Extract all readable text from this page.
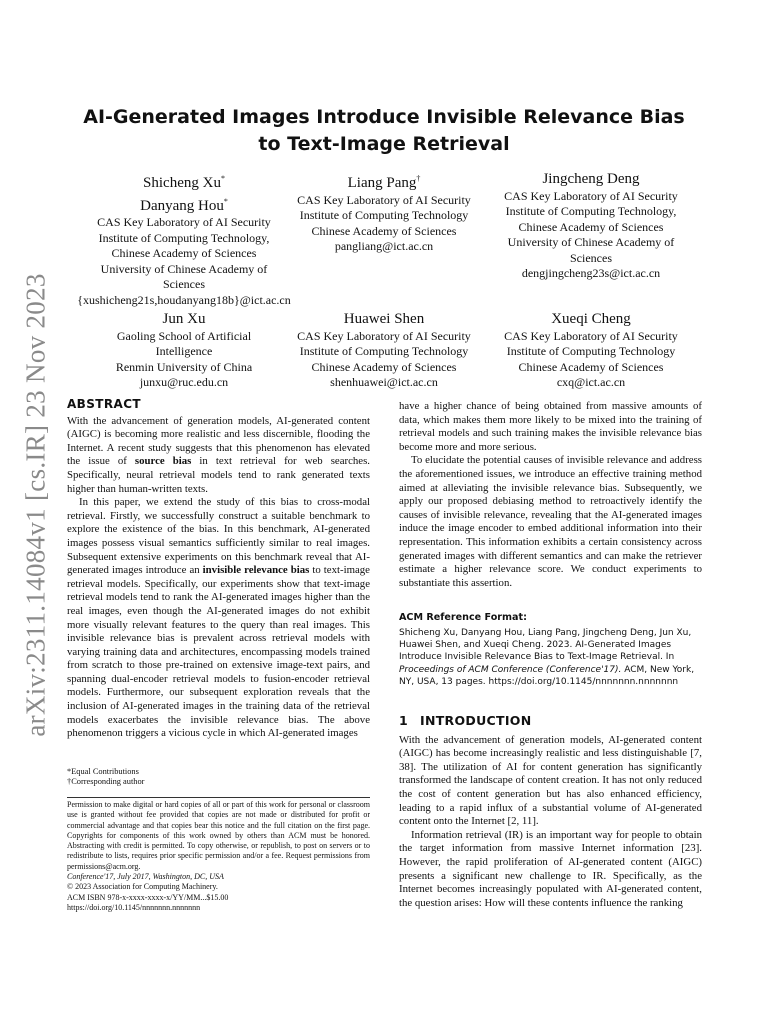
arXiv:2311.14084v1 [cs.IR] 23 Nov 2023
AI-Generated Images Introduce Invisible Relevance Bias to Text-Image Retrieval
Shicheng Xu*
Danyang Hou*
CAS Key Laboratory of AI Security
Institute of Computing Technology,
Chinese Academy of Sciences
University of Chinese Academy of
Sciences
{xushicheng21s,houdanyang18b}@ict.ac.cn
Liang Pang†
CAS Key Laboratory of AI Security
Institute of Computing Technology
Chinese Academy of Sciences
pangliang@ict.ac.cn
Jingcheng Deng
CAS Key Laboratory of AI Security
Institute of Computing Technology,
Chinese Academy of Sciences
University of Chinese Academy of
Sciences
dengjingcheng23s@ict.ac.cn
Jun Xu
Gaoling School of Artificial
Intelligence
Renmin University of China
junxu@ruc.edu.cn
Huawei Shen
CAS Key Laboratory of AI Security
Institute of Computing Technology
Chinese Academy of Sciences
shenhuawei@ict.ac.cn
Xueqi Cheng
CAS Key Laboratory of AI Security
Institute of Computing Technology
Chinese Academy of Sciences
cxq@ict.ac.cn
ABSTRACT

With the advancement of generation models, AI-generated content (AIGC) is becoming more realistic and less discernible, flooding the Internet. A recent study suggests that this phenomenon has elevated the issue of source bias in text retrieval for web searches. Specifically, neural retrieval models tend to rank generated texts higher than human-written texts.

In this paper, we extend the study of this bias to cross-modal retrieval. Firstly, we successfully construct a suitable benchmark to explore the existence of the bias. In this benchmark, AI-generated images possess visual semantics sufficiently similar to real images. Subsequent extensive experiments on this benchmark reveal that AI-generated images introduce an invisible relevance bias to text-image retrieval models. Specifically, our experiments show that text-image retrieval models tend to rank the AI-generated images higher than the real images, even though the AI-generated images do not exhibit more visually relevant features to the query than real images. This invisible relevance bias is prevalent across retrieval models with varying training data and architectures, encompassing models trained from scratch to those pre-trained on extensive image-text pairs, and spanning dual-encoder retrieval models to fusion-encoder retrieval models. Furthermore, our subsequent exploration reveals that the inclusion of AI-generated images in the training data of the retrieval models exacerbates the invisible relevance bias. The above phenomenon triggers a vicious cycle in which AI-generated images

*Equal Contributions
†Corresponding author
Permission to make digital or hard copies of all or part of this work for personal or classroom use is granted without fee provided that copies are not made or distributed for profit or commercial advantage and that copies bear this notice and the full citation on the first page. Copyrights for components of this work owned by others than ACM must be honored. Abstracting with credit is permitted. To copy otherwise, or republish, to post on servers or to redistribute to lists, requires prior specific permission and/or a fee. Request permissions from permissions@acm.org.
Conference'17, July 2017, Washington, DC, USA
© 2023 Association for Computing Machinery.
ACM ISBN 978-x-xxxx-xxxx-x/YY/MM...$15.00
https://doi.org/10.1145/nnnnnnn.nnnnnnn

have a higher chance of being obtained from massive amounts of data, which makes them more likely to be mixed into the training of retrieval models and such training makes the invisible relevance bias become more and more serious.

To elucidate the potential causes of invisible relevance and address the aforementioned issues, we introduce an effective training method aimed at alleviating the invisible relevance bias. Subsequently, we apply our proposed debiasing method to retroactively identify the causes of invisible relevance, revealing that the AI-generated images induce the image encoder to embed additional information into their representation. This information exhibits a certain consistency across generated images with different semantics and can make the retriever estimate a higher relevance score. We conduct experiments to substantiate this assertion.

ACM Reference Format:
Shicheng Xu, Danyang Hou, Liang Pang, Jingcheng Deng, Jun Xu, Huawei Shen, and Xueqi Cheng. 2023. AI-Generated Images Introduce Invisible Relevance Bias to Text-Image Retrieval. In Proceedings of ACM Conference (Conference'17). ACM, New York, NY, USA, 13 pages. https://doi.org/10.1145/nnnnnnn.nnnnnnn
1 INTRODUCTION

With the advancement of generation models, AI-generated content (AIGC) has become increasingly realistic and less distinguishable [7, 38]. The utilization of AI for content generation has significantly transformed the landscape of content creation. It has not only reduced the cost of content generation but has also enhanced efficiency, leading to a rapid influx of a substantial volume of AI-generated content onto the Internet [2, 11].

Information retrieval (IR) is an important way for people to obtain the target information from massive Internet information [23]. However, the rapid proliferation of AI-generated content (AIGC) presents a significant new challenge to IR. Specifically, as the Internet becomes increasingly populated with AI-generated content, the question arises: How will these contents influence the ranking
